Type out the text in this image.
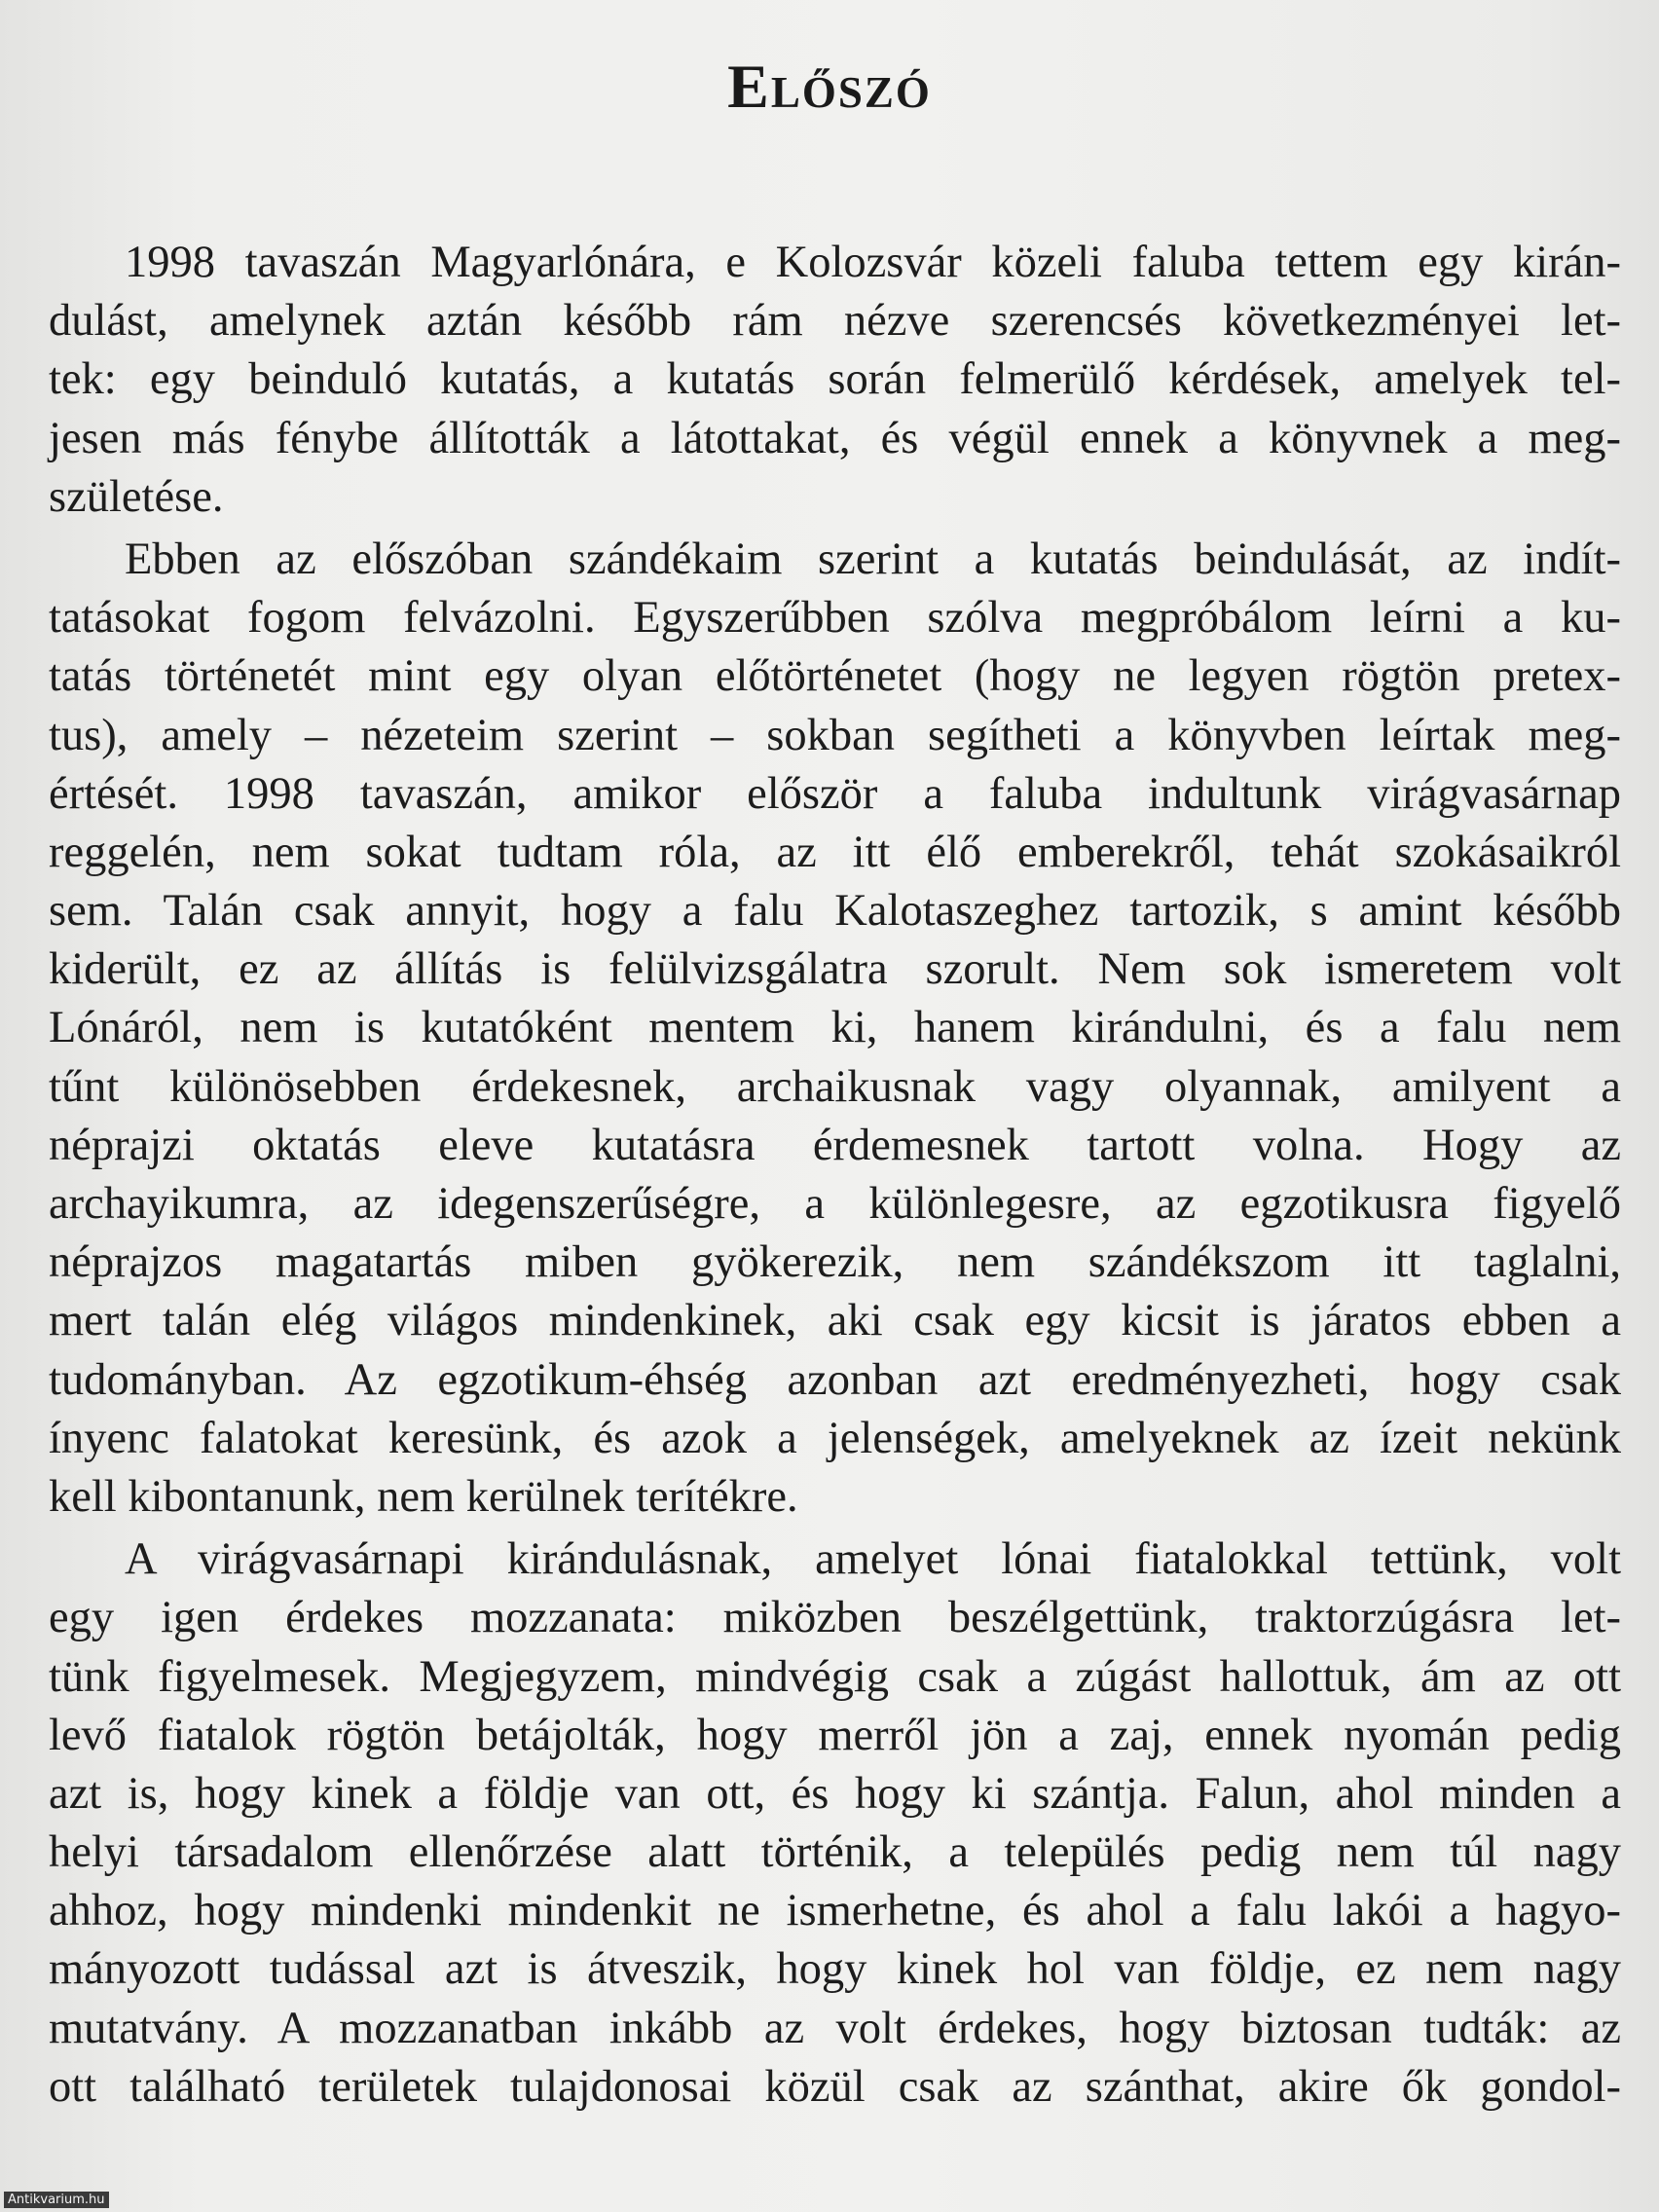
Előszó
1998 tavaszán Magyarlónára, e Kolozsvár közeli faluba tettem egy kirán-
dulást, amelynek aztán később rám nézve szerencsés következményei let-
tek: egy beinduló kutatás, a kutatás során felmerülő kérdések, amelyek tel-
jesen más fénybe állították a látottakat, és végül ennek a könyvnek a meg-
születése.
Ebben az előszóban szándékaim szerint a kutatás beindulását, az indít-
tatásokat fogom felvázolni. Egyszerűbben szólva megpróbálom leírni a ku-
tatás történetét mint egy olyan előtörténetet (hogy ne legyen rögtön pretex-
tus), amely – nézeteim szerint – sokban segítheti a könyvben leírtak meg-
értését. 1998 tavaszán, amikor először a faluba indultunk virágvasárnap
reggelén, nem sokat tudtam róla, az itt élő emberekről, tehát szokásaikról
sem. Talán csak annyit, hogy a falu Kalotaszeghez tartozik, s amint később
kiderült, ez az állítás is felülvizsgálatra szorult. Nem sok ismeretem volt
Lónáról, nem is kutatóként mentem ki, hanem kirándulni, és a falu nem
tűnt különösebben érdekesnek, archaikusnak vagy olyannak, amilyent a
néprajzi oktatás eleve kutatásra érdemesnek tartott volna. Hogy az
archayikumra, az idegenszerűségre, a különlegesre, az egzotikusra figyelő
néprajzos magatartás miben gyökerezik, nem szándékszom itt taglalni,
mert talán elég világos mindenkinek, aki csak egy kicsit is járatos ebben a
tudományban. Az egzotikum-éhség azonban azt eredményezheti, hogy csak
ínyenc falatokat keresünk, és azok a jelenségek, amelyeknek az ízeit nekünk
kell kibontanunk, nem kerülnek terítékre.
A virágvasárnapi kirándulásnak, amelyet lónai fiatalokkal tettünk, volt
egy igen érdekes mozzanata: miközben beszélgettünk, traktorzúgásra let-
tünk figyelmesek. Megjegyzem, mindvégig csak a zúgást hallottuk, ám az ott
levő fiatalok rögtön betájolták, hogy merről jön a zaj, ennek nyomán pedig
azt is, hogy kinek a földje van ott, és hogy ki szántja. Falun, ahol minden a
helyi társadalom ellenőrzése alatt történik, a település pedig nem túl nagy
ahhoz, hogy mindenki mindenkit ne ismerhetne, és ahol a falu lakói a hagyo-
mányozott tudással azt is átveszik, hogy kinek hol van földje, ez nem nagy
mutatvány. A mozzanatban inkább az volt érdekes, hogy biztosan tudták: az
ott található területek tulajdonosai közül csak az szánthat, akire ők gondol-
Antikvarium.hu
